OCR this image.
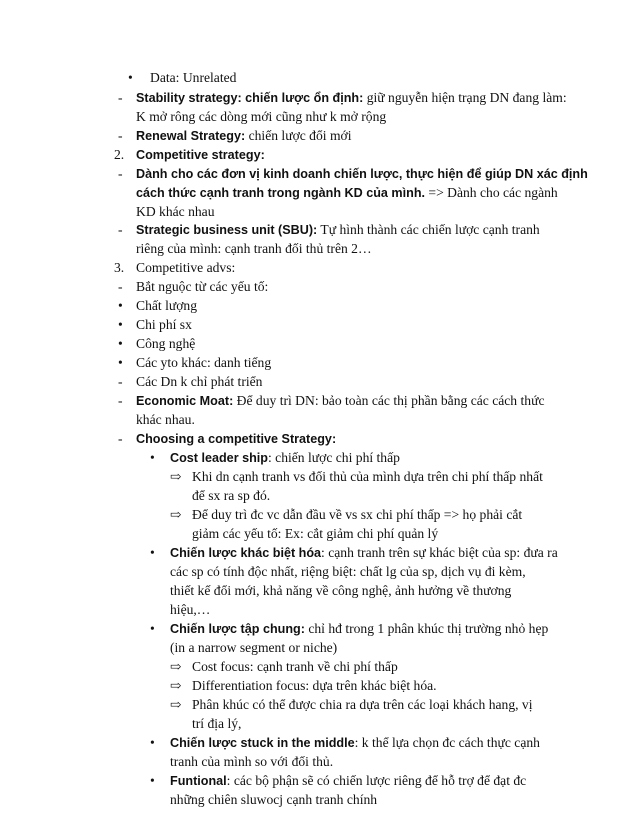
• Data: Unrelated
- Stability strategy: chiến lược ổn định: giữ nguyễn hiện trạng DN đang làm:
K mở rông các dòng mới cũng như k mở rộng
- Renewal Strategy: chiến lược đổi mới
2. Competitive strategy:
- Dành cho các đơn vị kinh doanh chiến lược, thực hiện để giúp DN xác định
cách thức cạnh tranh trong ngành KD của mình. => Dành cho các ngành
KD khác nhau
- Strategic business unit (SBU): Tự hình thành các chiến lược cạnh tranh
riêng của mình: cạnh tranh đối thủ trên 2…
3. Competitive advs:
- Bắt nguộc từ các yếu tố:
• Chất lượng
• Chi phí sx
• Công nghệ
• Các yto khác: danh tiếng
- Các Dn k chỉ phát triển
- Economic Moat: Để duy trì DN: bảo toàn các thị phần bằng các cách thức
khác nhau.
- Choosing a competitive Strategy:
• Cost leader ship: chiến lược chi phí thấp
⇨ Khi dn cạnh tranh vs đối thủ của mình dựa trên chi phí thấp nhất
để sx ra sp đó.
⇨ Để duy trì đc vc dẫn đầu về vs sx chi phí thấp => họ phải cắt
giảm các yếu tố: Ex: cắt giảm chi phí quản lý
• Chiến lược khác biệt hóa: cạnh tranh trên sự khác biệt của sp: đưa ra
các sp có tính độc nhất, riệng biệt: chất lg của sp, dịch vụ đi kèm,
thiết kế đổi mới, khả năng về công nghệ, ảnh hưởng về thương
hiệu,…
• Chiến lược tập chung: chỉ hđ trong 1 phân khúc thị trường nhỏ hẹp
(in a narrow segment or niche)
⇨ Cost focus: cạnh tranh về chi phí thấp
⇨ Differentiation focus: dựa trên khác biệt hóa.
⇨ Phân khúc có thể được chia ra dựa trên các loại khách hang, vị
trí địa lý,
• Chiến lược stuck in the middle: k thể lựa chọn đc cách thực cạnh
tranh của mình so với đối thủ.
• Funtional: các bộ phận sẽ có chiến lược riêng để hỗ trợ để đạt đc
những chiên sluwocj cạnh tranh chính
